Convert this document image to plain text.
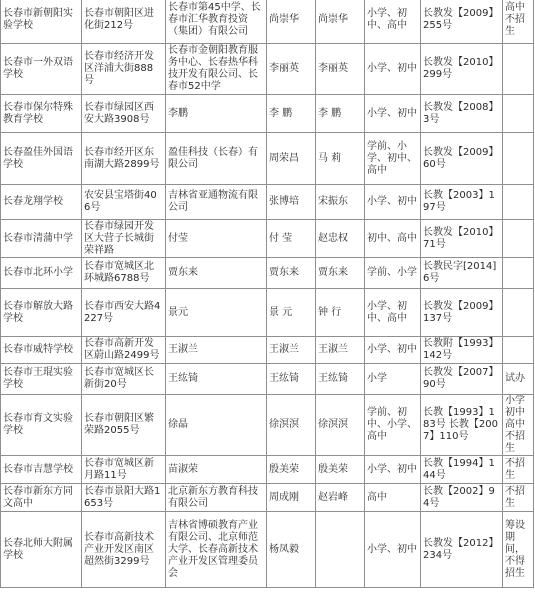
长春市新朝阳实验学校	长春市朝阳区进化街212号	长春市第45中学、长春市汇华教育投资（集团）有限公司	尚崇华	尚崇华	小学、初中、高中	长教发【2009】255号	高中不招生
长春市一外双语学校	长春市经济开发区洋浦大街888号	长春市金朝阳教育服务中心、长春热华科技开发有限公司、长春市52中学	李丽英	李丽英	小学、初中	长教发【2010】299号	
长春市保尔特殊教育学校	长春市绿园区西安大路3908号	李鹏	李 鹏	李 鹏	小学、初中	长教发【2008】3号	
长春盈佳外国语学校	长春市经开区东南湖大路2899号	盈佳科技（长春）有限公司	周荣昌	马 莉	学前、小学、初中、高中	长教发【2009】60号	
长春龙翔学校	农安县宝塔街406号	吉林省亚通物流有限公司	张博培	宋振东	小学、初中	长教【2003】197号	
长春市清蒲中学	长春市绿园开发区大营子长城街荣祥路	付莹	付 莹	赵忠权	初中、高中	长教发【2010】71号	
长春市北环小学	长春市宽城区北环城路6788号	贾东来	贾东来	贾东来	学前、小学	长教民字[2014]6号	
长春市解放大路学校	长春市西安大路4227号	景元	景 元	钟 行	小学、初中、高中	长教发【2009】137号	
长春市威特学校	长春市高新开发区蔚山路2499号	王淑兰	王淑兰	王淑兰	小学、初中	长教附【1993】142号	
长春市王琨实验学校	长春市宽城区长新街20号	王纮锜	王纮锜	王纮锜	小学	长教发【2007】90号	试办
长春市育文实验学校	长春市朝阳区繁荣路2055号	徐晶	徐溟溟	徐溟溟	学前、初中、小学、高中	长教【1993】183号 长教【2007】110号	小学初中高中不招生
长春市吉慧学校	长春市宽城区新月路11号	苗淑荣	殷美荣	殷美荣	小学、初中	长教【1994】144号	不招生
长春市新东方同文高中	长春市景阳大路1653号	北京新东方教育科技有限公司	周成刚	赵岩峰	高中	长教【2002】94号	不招生
长春北师大附属学校	长春市高新技术产业开发区南区超然街3299号	吉林省博硕教育产业有限公司、北京师范大学、长春高新技术产业开发区管理委员会	杨凤毅		小学、初中	长教发【2012】234号	筹设期间，不得招生
